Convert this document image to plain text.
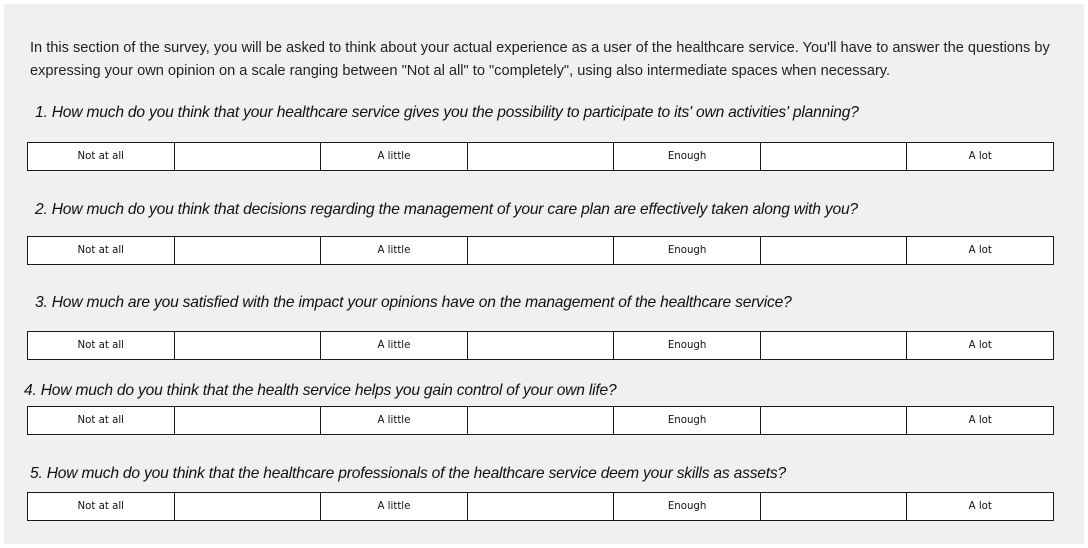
In this section of the survey, you will be asked to think about your actual experience as a user of the healthcare service. You'll have to answer the questions by expressing your own opinion on a scale ranging between "Not al all" to "completely", using also intermediate spaces when necessary.

1. How much do you think that your healthcare service gives you the possibility to participate to its' own activities' planning?

Not at all	A little	Enough	A lot

2. How much do you think that decisions regarding the management of your care plan are effectively taken along with you?

Not at all	A little	Enough	A lot

3. How much are you satisfied with the impact your opinions have on the management of the healthcare service?

Not at all	A little	Enough	A lot

4. How much do you think that the health service helps you gain control of your own life?

Not at all	A little	Enough	A lot

5. How much do you think that the healthcare professionals of the healthcare service deem your skills as assets?

Not at all	A little	Enough	A lot
